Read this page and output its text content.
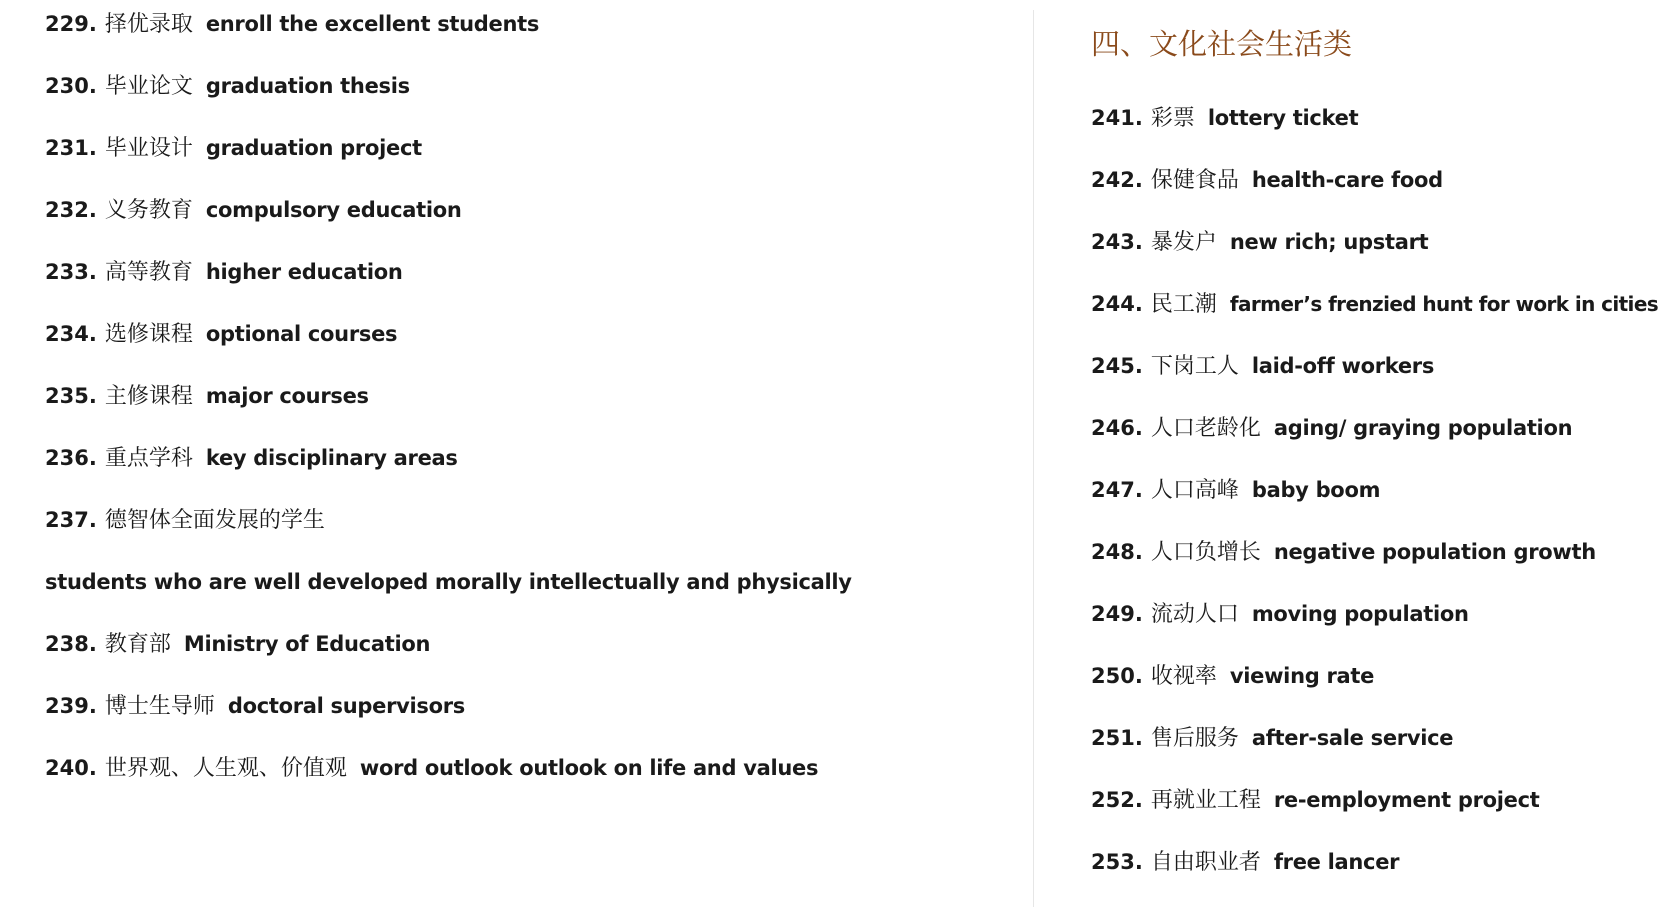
229. 择优录取 enroll the excellent students
230. 毕业论文 graduation thesis
231. 毕业设计 graduation project
232. 义务教育 compulsory education
233. 高等教育 higher education
234. 选修课程 optional courses
235. 主修课程 major courses
236. 重点学科 key disciplinary areas
237. 德智体全面发展的学生
students who are well developed morally intellectually and physically
238. 教育部 Ministry of Education
239. 博士生导师 doctoral supervisors
240. 世界观、人生观、价值观 word outlook outlook on life and values
四、文化社会生活类
241. 彩票 lottery ticket
242. 保健食品 health-care food
243. 暴发户 new rich; upstart
244. 民工潮 farmer’s frenzied hunt for work in cities
245. 下岗工人 laid-off workers
246. 人口老龄化 aging/ graying population
247. 人口高峰 baby boom
248. 人口负增长 negative population growth
249. 流动人口 moving population
250. 收视率 viewing rate
251. 售后服务 after-sale service
252. 再就业工程 re-employment project
253. 自由职业者 free lancer
